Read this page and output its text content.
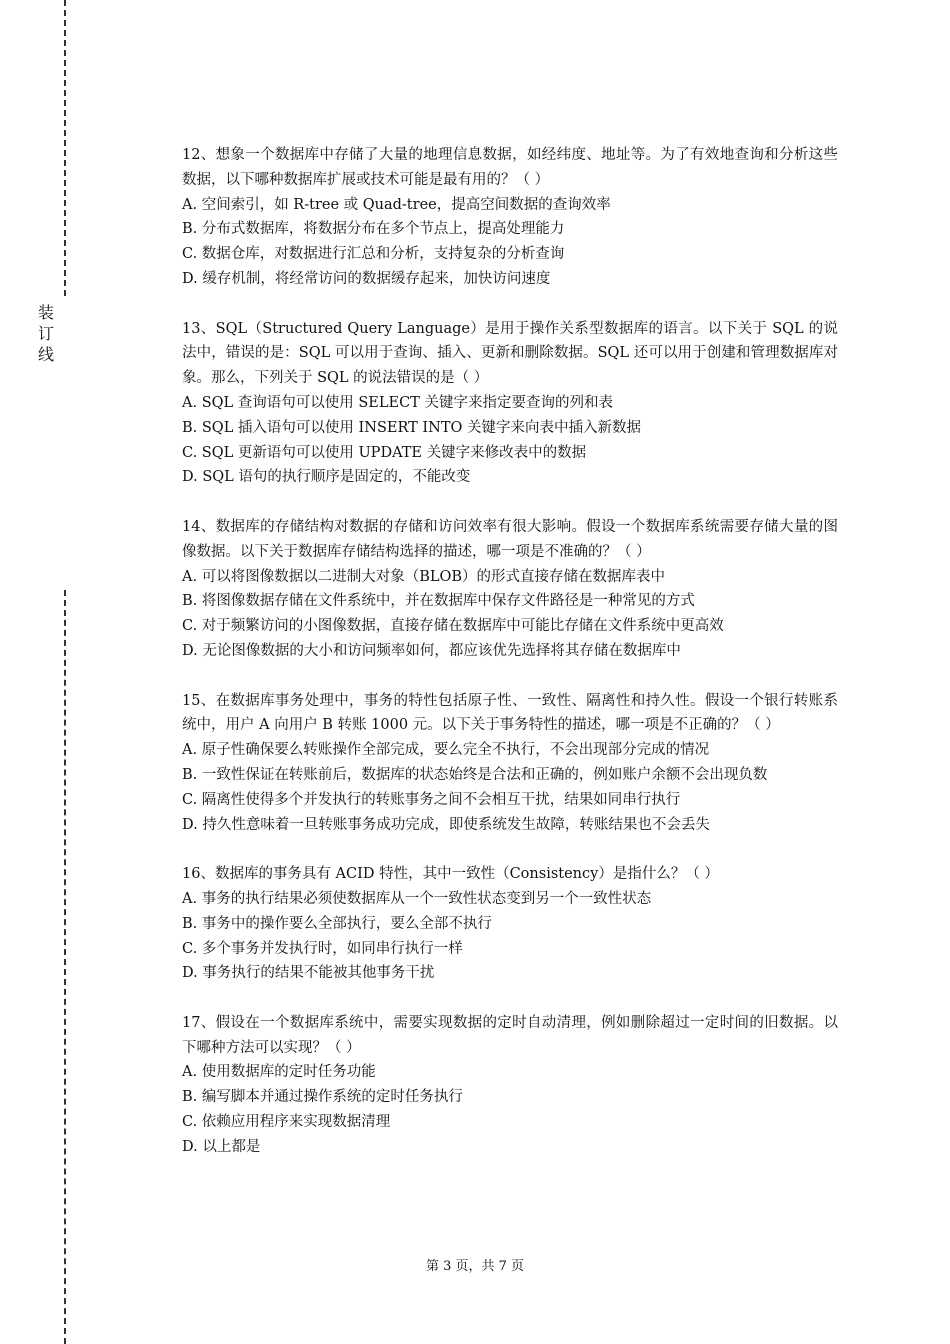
装
订
线
12、想象一个数据库中存储了大量的地理信息数据，如经纬度、地址等。为了有效地查询和分析这些数据，以下哪种数据库扩展或技术可能是最有用的？（ ）
A. 空间索引，如 R-tree 或 Quad-tree，提高空间数据的查询效率
B. 分布式数据库，将数据分布在多个节点上，提高处理能力
C. 数据仓库，对数据进行汇总和分析，支持复杂的分析查询
D. 缓存机制，将经常访问的数据缓存起来，加快访问速度
13、SQL（Structured Query Language）是用于操作关系型数据库的语言。以下关于 SQL 的说法中，错误的是：SQL 可以用于查询、插入、更新和删除数据。SQL 还可以用于创建和管理数据库对象。那么，下列关于 SQL 的说法错误的是（ ）
A. SQL 查询语句可以使用 SELECT 关键字来指定要查询的列和表
B. SQL 插入语句可以使用 INSERT INTO 关键字来向表中插入新数据
C. SQL 更新语句可以使用 UPDATE 关键字来修改表中的数据
D. SQL 语句的执行顺序是固定的，不能改变
14、数据库的存储结构对数据的存储和访问效率有很大影响。假设一个数据库系统需要存储大量的图像数据。以下关于数据库存储结构选择的描述，哪一项是不准确的？（ ）
A. 可以将图像数据以二进制大对象（BLOB）的形式直接存储在数据库表中
B. 将图像数据存储在文件系统中，并在数据库中保存文件路径是一种常见的方式
C. 对于频繁访问的小图像数据，直接存储在数据库中可能比存储在文件系统中更高效
D. 无论图像数据的大小和访问频率如何，都应该优先选择将其存储在数据库中
15、在数据库事务处理中，事务的特性包括原子性、一致性、隔离性和持久性。假设一个银行转账系统中，用户 A 向用户 B 转账 1000 元。以下关于事务特性的描述，哪一项是不正确的？（ ）
A. 原子性确保要么转账操作全部完成，要么完全不执行，不会出现部分完成的情况
B. 一致性保证在转账前后，数据库的状态始终是合法和正确的，例如账户余额不会出现负数
C. 隔离性使得多个并发执行的转账事务之间不会相互干扰，结果如同串行执行
D. 持久性意味着一旦转账事务成功完成，即使系统发生故障，转账结果也不会丢失
16、数据库的事务具有 ACID 特性，其中一致性（Consistency）是指什么？（ ）
A. 事务的执行结果必须使数据库从一个一致性状态变到另一个一致性状态
B. 事务中的操作要么全部执行，要么全部不执行
C. 多个事务并发执行时，如同串行执行一样
D. 事务执行的结果不能被其他事务干扰
17、假设在一个数据库系统中，需要实现数据的定时自动清理，例如删除超过一定时间的旧数据。以下哪种方法可以实现？（ ）
A. 使用数据库的定时任务功能
B. 编写脚本并通过操作系统的定时任务执行
C. 依赖应用程序来实现数据清理
D. 以上都是
第 3 页，共 7 页
